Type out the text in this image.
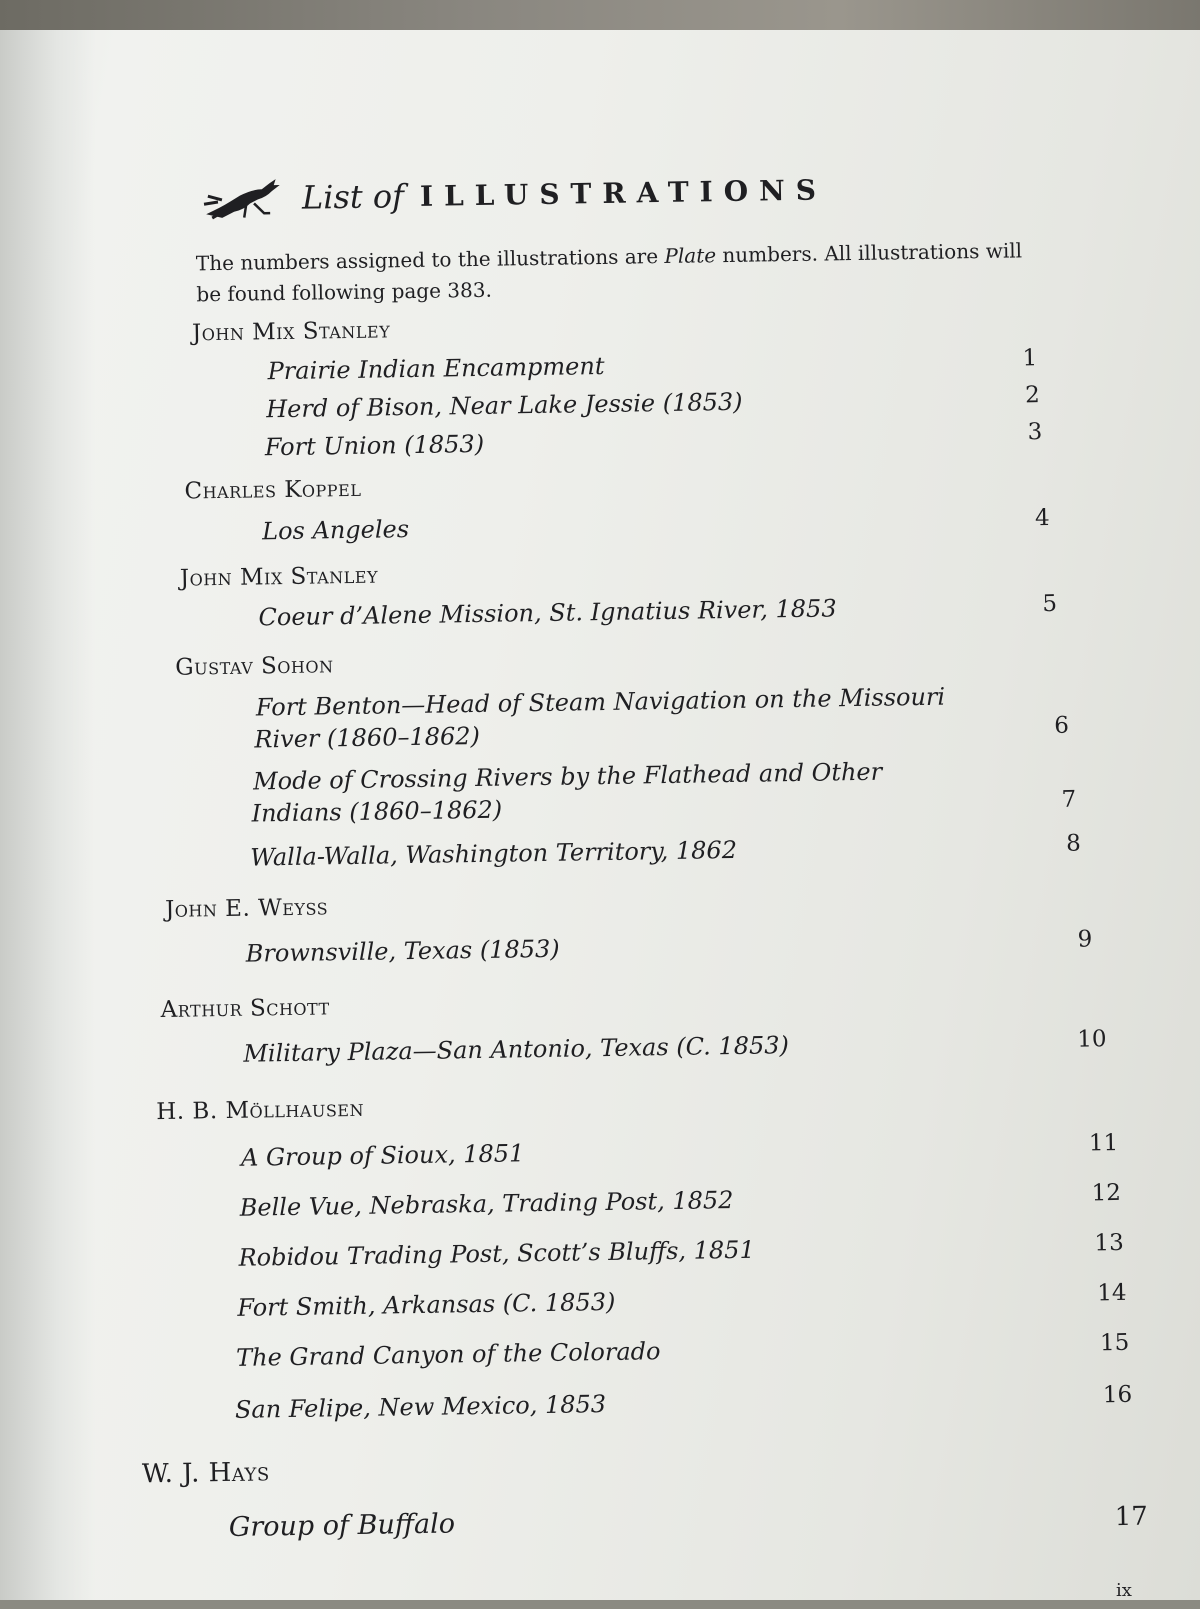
List of ILLUSTRATIONS
The numbers assigned to the illustrations are Plate numbers. All illustrations will be found following page 383.
John Mix Stanley
Prairie Indian Encampment	1
Herd of Bison, Near Lake Jessie (1853)	2
Fort Union (1853)	3
Charles Koppel
Los Angeles	4
John Mix Stanley
Coeur d’Alene Mission, St. Ignatius River, 1853	5
Gustav Sohon
Fort Benton—Head of Steam Navigation on the Missouri
River (1860–1862)	6
Mode of Crossing Rivers by the Flathead and Other
Indians (1860–1862)	7
Walla-Walla, Washington Territory, 1862	8
John E. Weyss
Brownsville, Texas (1853)	9
Arthur Schott
Military Plaza—San Antonio, Texas (C. 1853)	10
H. B. Möllhausen
A Group of Sioux, 1851	11
Belle Vue, Nebraska, Trading Post, 1852	12
Robidou Trading Post, Scott’s Bluffs, 1851	13
Fort Smith, Arkansas (C. 1853)	14
The Grand Canyon of the Colorado	15
San Felipe, New Mexico, 1853	16
W. J. Hays
Group of Buffalo	17
ix
